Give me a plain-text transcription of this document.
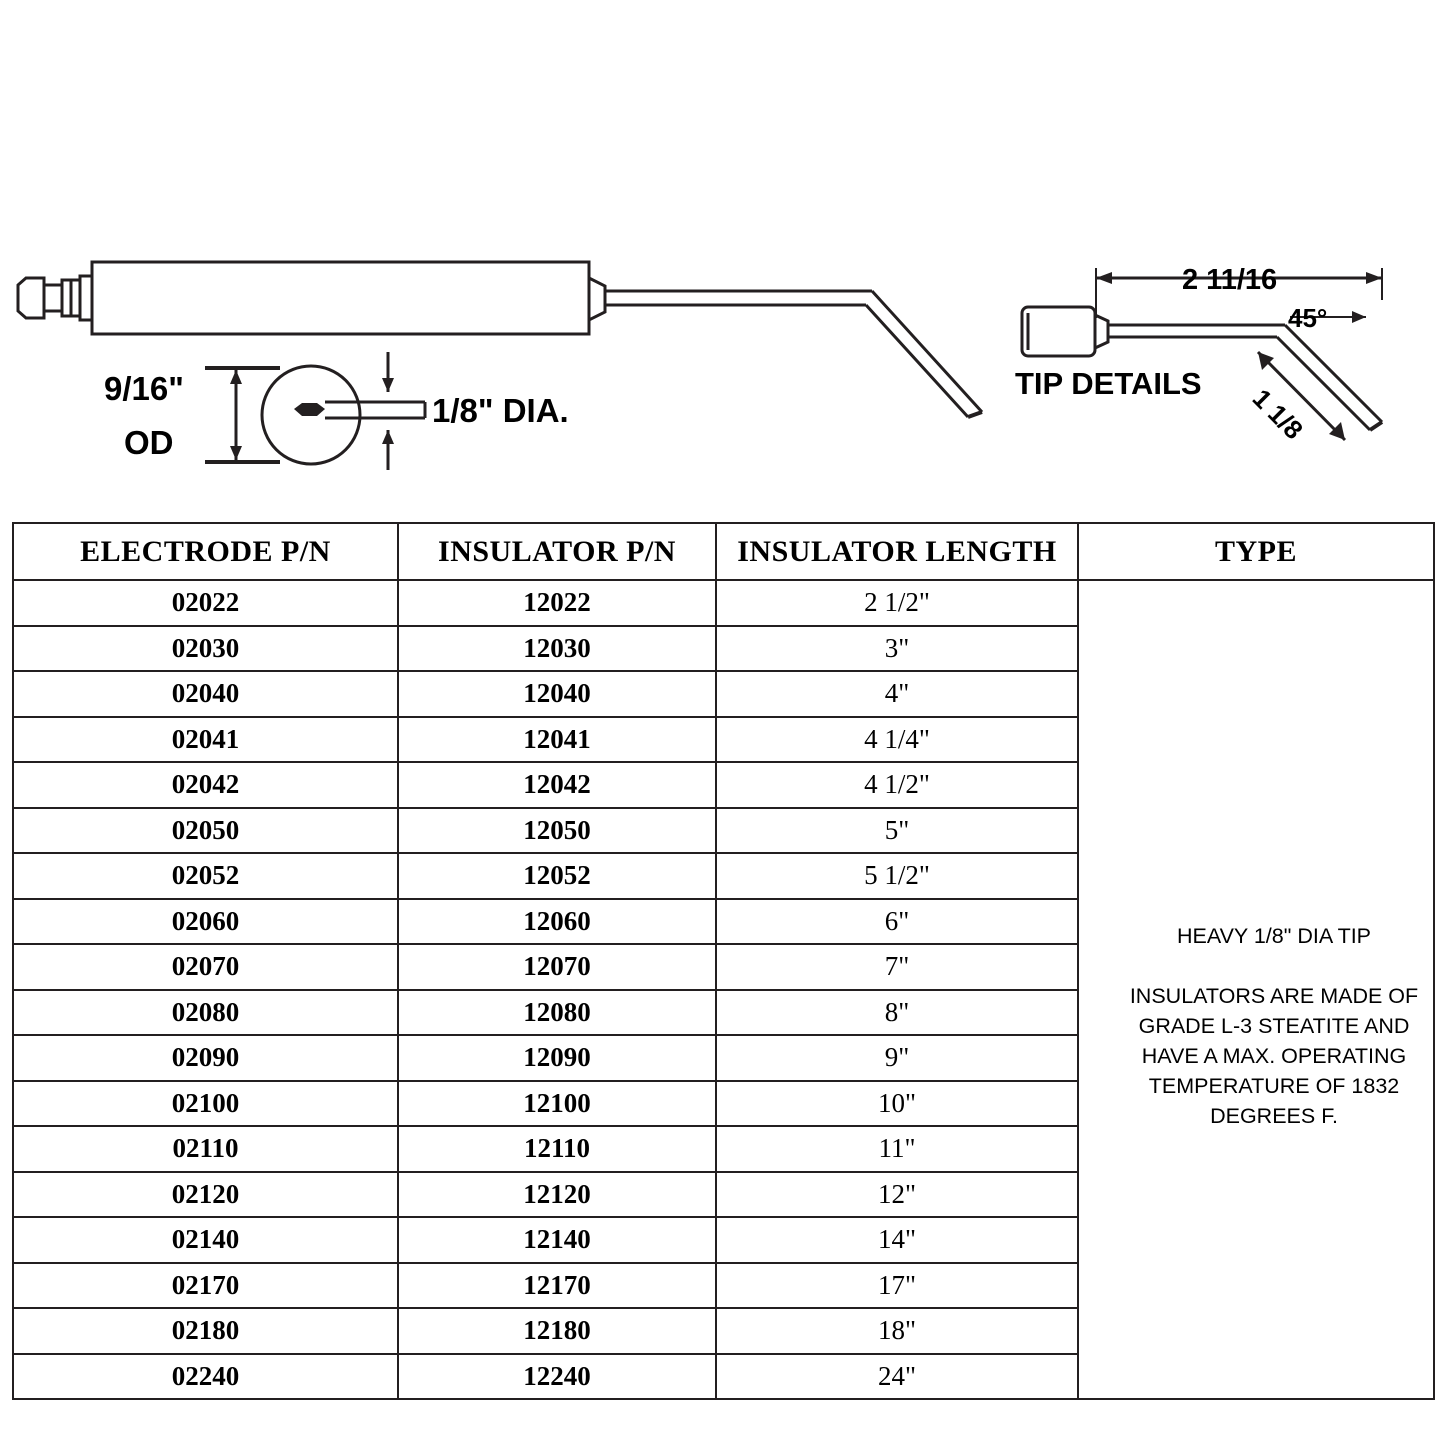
9/16"
OD
1/8" DIA.
TIP DETAILS
2 11/16
45°
1 1/8
ELECTRODE P/N	INSULATOR P/N	INSULATOR LENGTH	TYPE
02022	12022	2 1/2"	
HEAVY 1/8" DIA TIP
INSULATORS ARE MADE OF
GRADE L-3 STEATITE AND
HAVE A MAX. OPERATING
TEMPERATURE OF 1832
DEGREES F.

02030	12030	3"	
02040	12040	4"	
02041	12041	4 1/4"	
02042	12042	4 1/2"	
02050	12050	5"	
02052	12052	5 1/2"	
02060	12060	6"	
02070	12070	7"	
02080	12080	8"	
02090	12090	9"	
02100	12100	10"	
02110	12110	11"	
02120	12120	12"	
02140	12140	14"	
02170	12170	17"	
02180	12180	18"	
02240	12240	24"	
